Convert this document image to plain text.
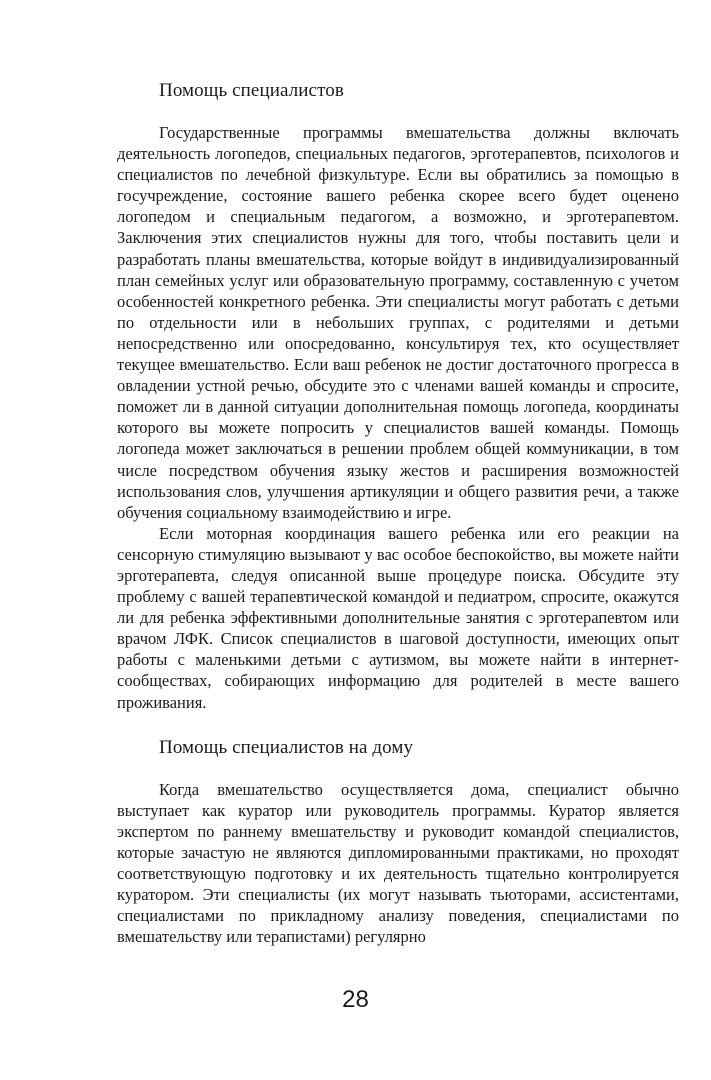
Помощь специалистов

Государственные программы вмешательства должны включать деятельность логопедов, специальных педагогов, эрготерапевтов, психологов и специалистов по лечебной физкультуре. Если вы обратились за помощью в госучреждение, состояние вашего ребенка скорее всего будет оценено логопедом и специальным педагогом, а возможно, и эрготерапевтом. Заключения этих специалистов нужны для того, чтобы поставить цели и разработать планы вмешательства, которые войдут в индивидуализированный план семейных услуг или образовательную программу, составленную с учетом особенностей конкретного ребенка. Эти специалисты могут работать с детьми по отдельности или в небольших группах, с родителями и детьми непосредственно или опосредованно, консультируя тех, кто осуществляет текущее вмешательство. Если ваш ребенок не достиг достаточного прогресса в овладении устной речью, обсудите это с членами вашей команды и спросите, поможет ли в данной ситуации дополнительная помощь логопеда, координаты которого вы можете попросить у специалистов вашей команды. Помощь логопеда может заключаться в решении проблем общей коммуникации, в том числе посредством обучения языку жестов и расширения возможностей использования слов, улучшения артикуляции и общего развития речи, а также обучения социальному взаимодействию и игре.

Если моторная координация вашего ребенка или его реакции на сенсорную стимуляцию вызывают у вас особое беспокойство, вы можете найти эрготерапевта, следуя описанной выше процедуре поиска. Обсудите эту проблему с вашей терапевтической командой и педиатром, спросите, окажутся ли для ребенка эффективными дополнительные занятия с эрготерапевтом или врачом ЛФК. Список специалистов в шаговой доступности, имеющих опыт работы с маленькими детьми с аутизмом, вы можете найти в интернет-сообществах, собирающих информацию для родителей в месте вашего проживания.

Помощь специалистов на дому

Когда вмешательство осуществляется дома, специалист обычно выступает как куратор или руководитель программы. Куратор является экспертом по раннему вмешательству и руководит командой специалистов, которые зачастую не являются дипломированными практиками, но проходят соответствующую подготовку и их деятельность тщательно контролируется куратором. Эти специалисты (их могут называть тьюторами, ассистентами, специалистами по прикладному анализу поведения, специалистами по вмешательству или терапистами) регулярно

28
